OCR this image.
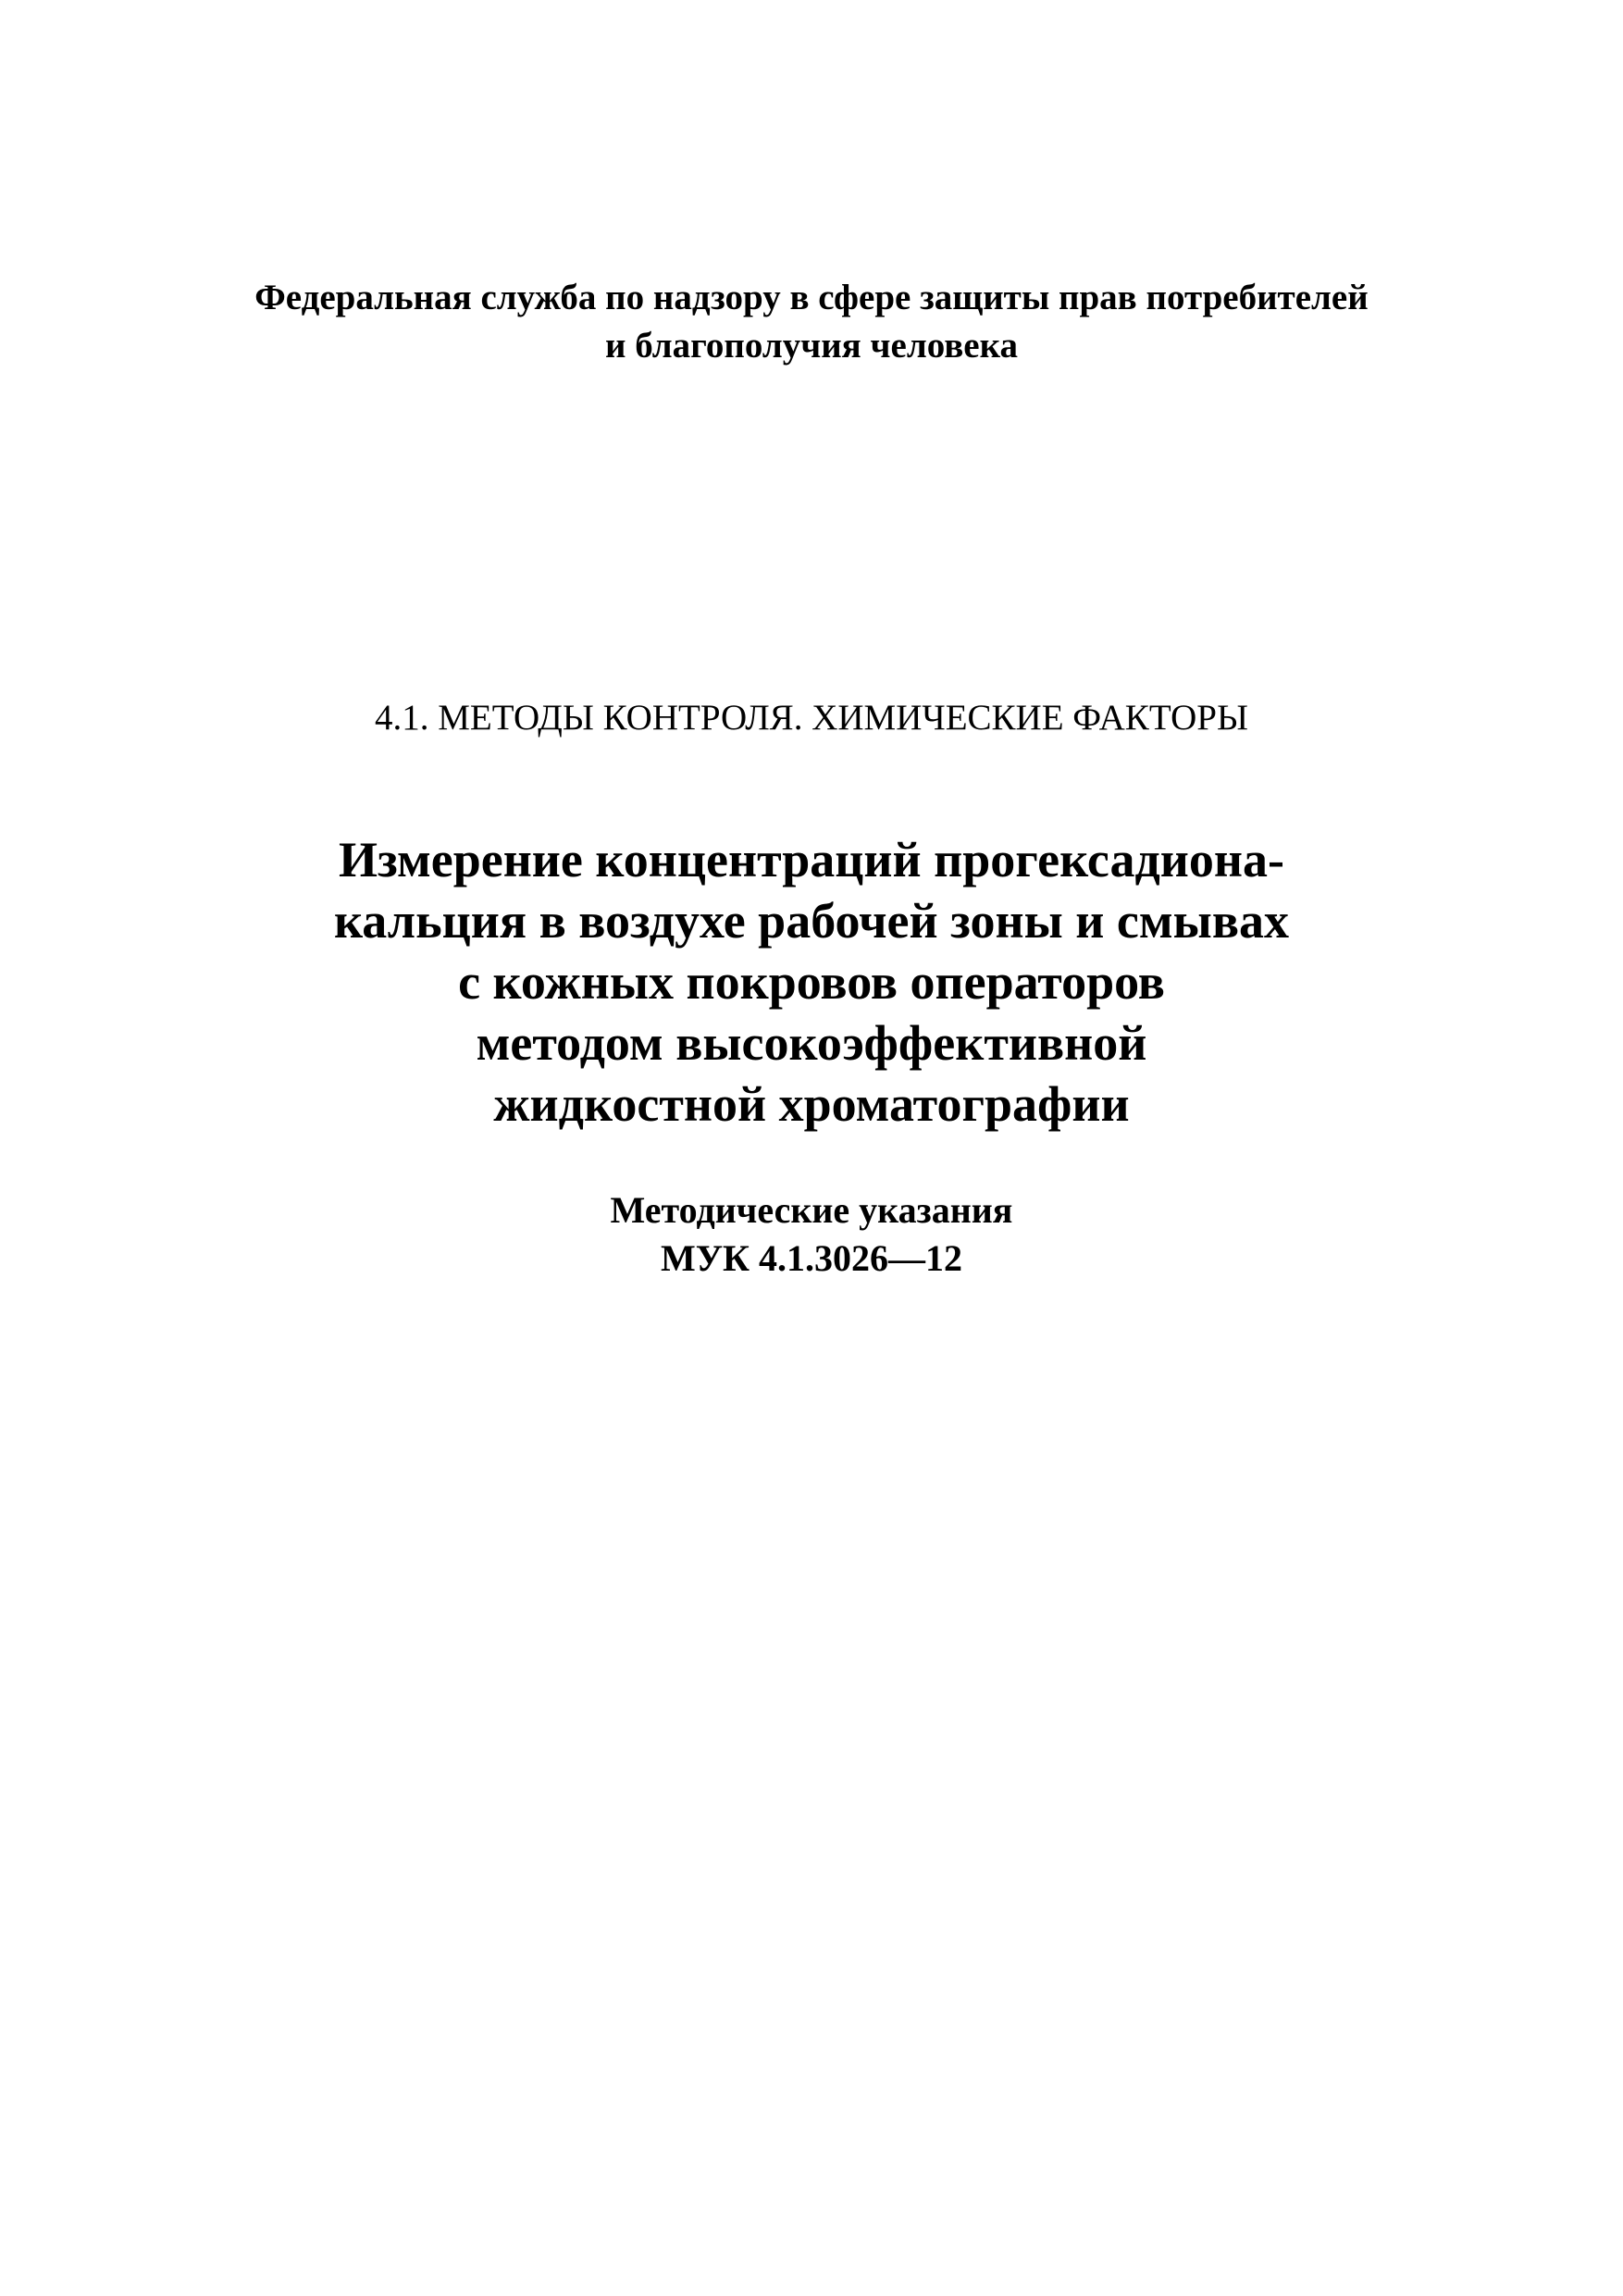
Федеральная служба по надзору в сфере защиты прав потребителей
и благополучия человека
4.1. МЕТОДЫ КОНТРОЛЯ. ХИМИЧЕСКИЕ ФАКТОРЫ
Измерение концентраций прогексадиона-
кальция в воздухе рабочей зоны и смывах
с кожных покровов операторов
методом высокоэффективной
жидкостной хроматографии
Методические указания
МУК 4.1.3026—12
